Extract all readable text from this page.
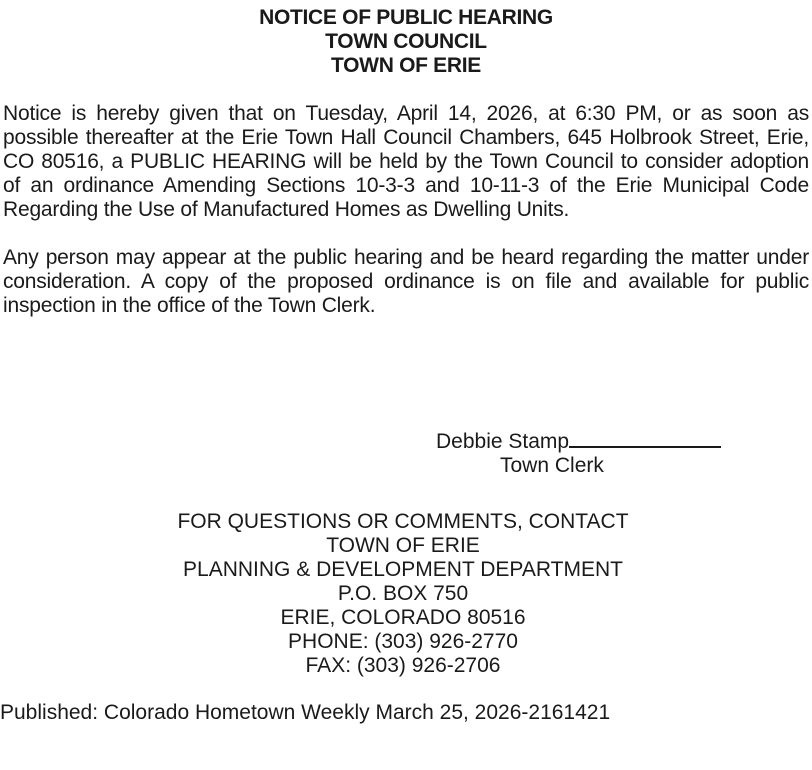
NOTICE OF PUBLIC HEARING
TOWN COUNCIL
TOWN OF ERIE

Notice is hereby given that on Tuesday, April 14, 2026, at 6:30 PM, or as soon as possible thereafter at the Erie Town Hall Council Chambers, 645 Holbrook Street, Erie, CO 80516, a PUBLIC HEARING will be held by the Town Council to consider adoption of an ordinance Amending Sections 10-3-3 and 10-11-3 of the Erie Municipal Code Regarding the Use of Manufactured Homes as Dwelling Units.

Any person may appear at the public hearing and be heard regarding the matter under consideration. A copy of the proposed ordinance is on file and available for public inspection in the office of the Town Clerk.

Debbie Stamp
Town Clerk
FOR QUESTIONS OR COMMENTS, CONTACT
TOWN OF ERIE
PLANNING & DEVELOPMENT DEPARTMENT
P.O. BOX 750
ERIE, COLORADO 80516
PHONE: (303) 926-2770
FAX: (303) 926-2706
Published: Colorado Hometown Weekly March 25, 2026-2161421
